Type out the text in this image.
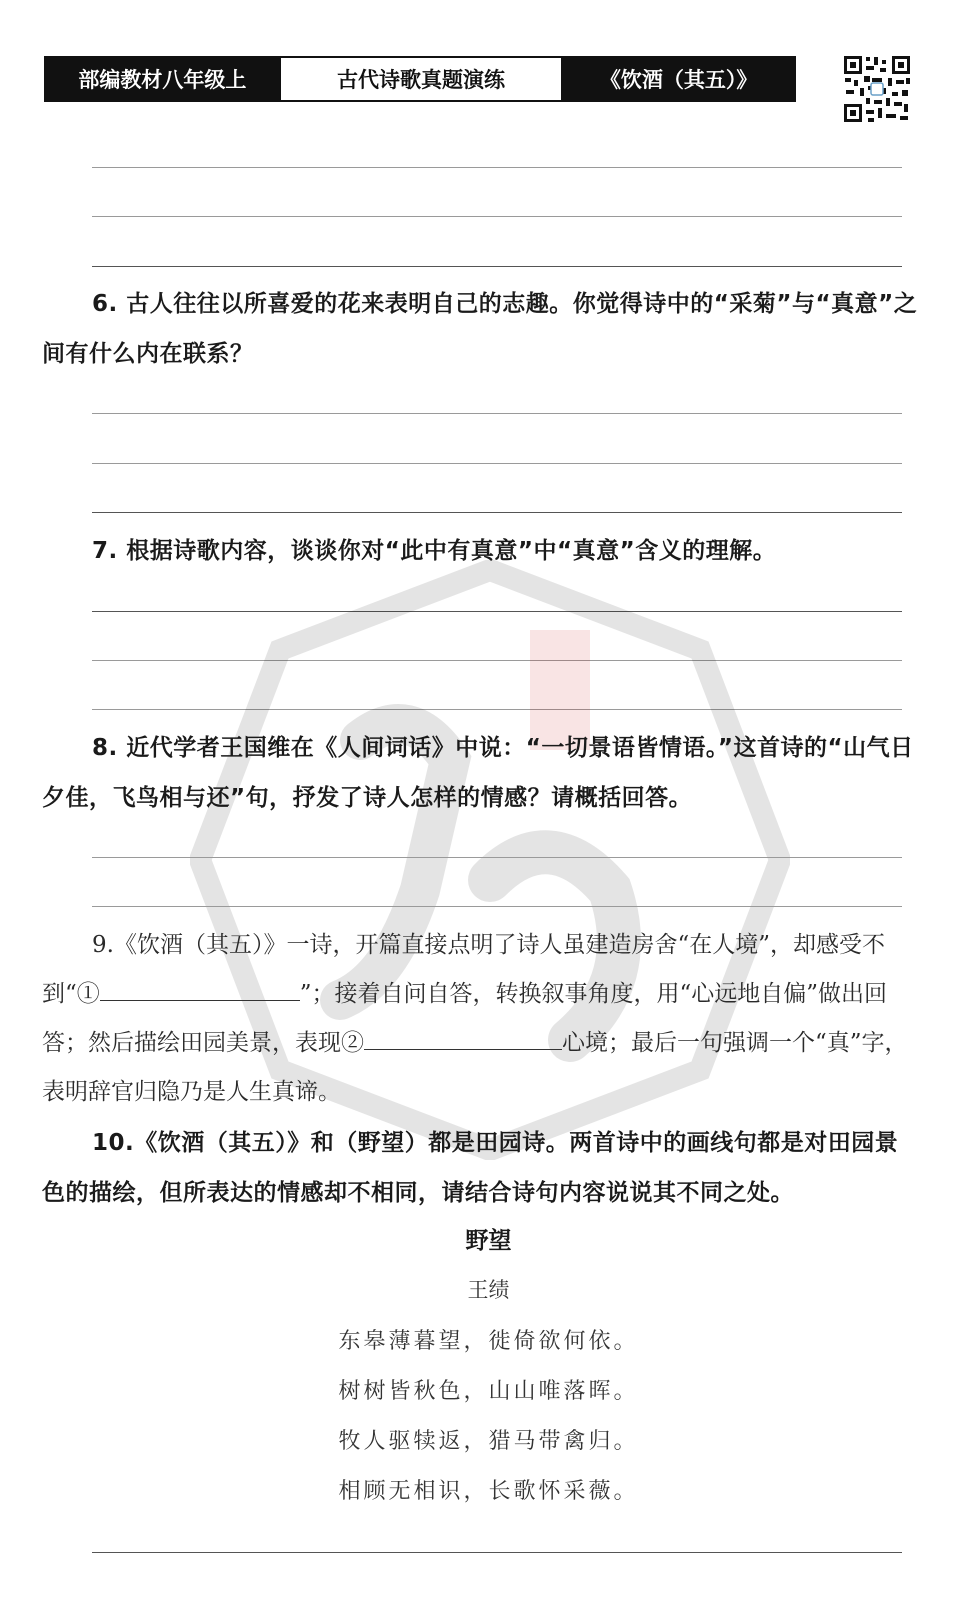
部编教材八年级上	古代诗歌真题演练	《饮酒（其五）》
6. 古人往往以所喜爱的花来表明自己的志趣。你觉得诗中的“采菊”与“真意”之间有什么内在联系？
7. 根据诗歌内容，谈谈你对“此中有真意”中“真意”含义的理解。
8. 近代学者王国维在《人间词话》中说：“一切景语皆情语。”这首诗的“山气日夕佳，飞鸟相与还”句，抒发了诗人怎样的情感？请概括回答。
9.《饮酒（其五）》一诗，开篇直接点明了诗人虽建造房舍“在人境”，却感受不到“①	”；接着自问自答，转换叙事角度，用“心远地自偏”做出回答；然后描绘田园美景，表现②	心境；最后一句强调一个“真”字，表明辞官归隐乃是人生真谛。
10.《饮酒（其五）》和（野望）都是田园诗。两首诗中的画线句都是对田园景色的描绘，但所表达的情感却不相同，请结合诗句内容说说其不同之处。
野望
王绩
东皋薄暮望，徙倚欲何依。
树树皆秋色，山山唯落晖。
牧人驱犊返，猎马带禽归。
相顾无相识，长歌怀采薇。
